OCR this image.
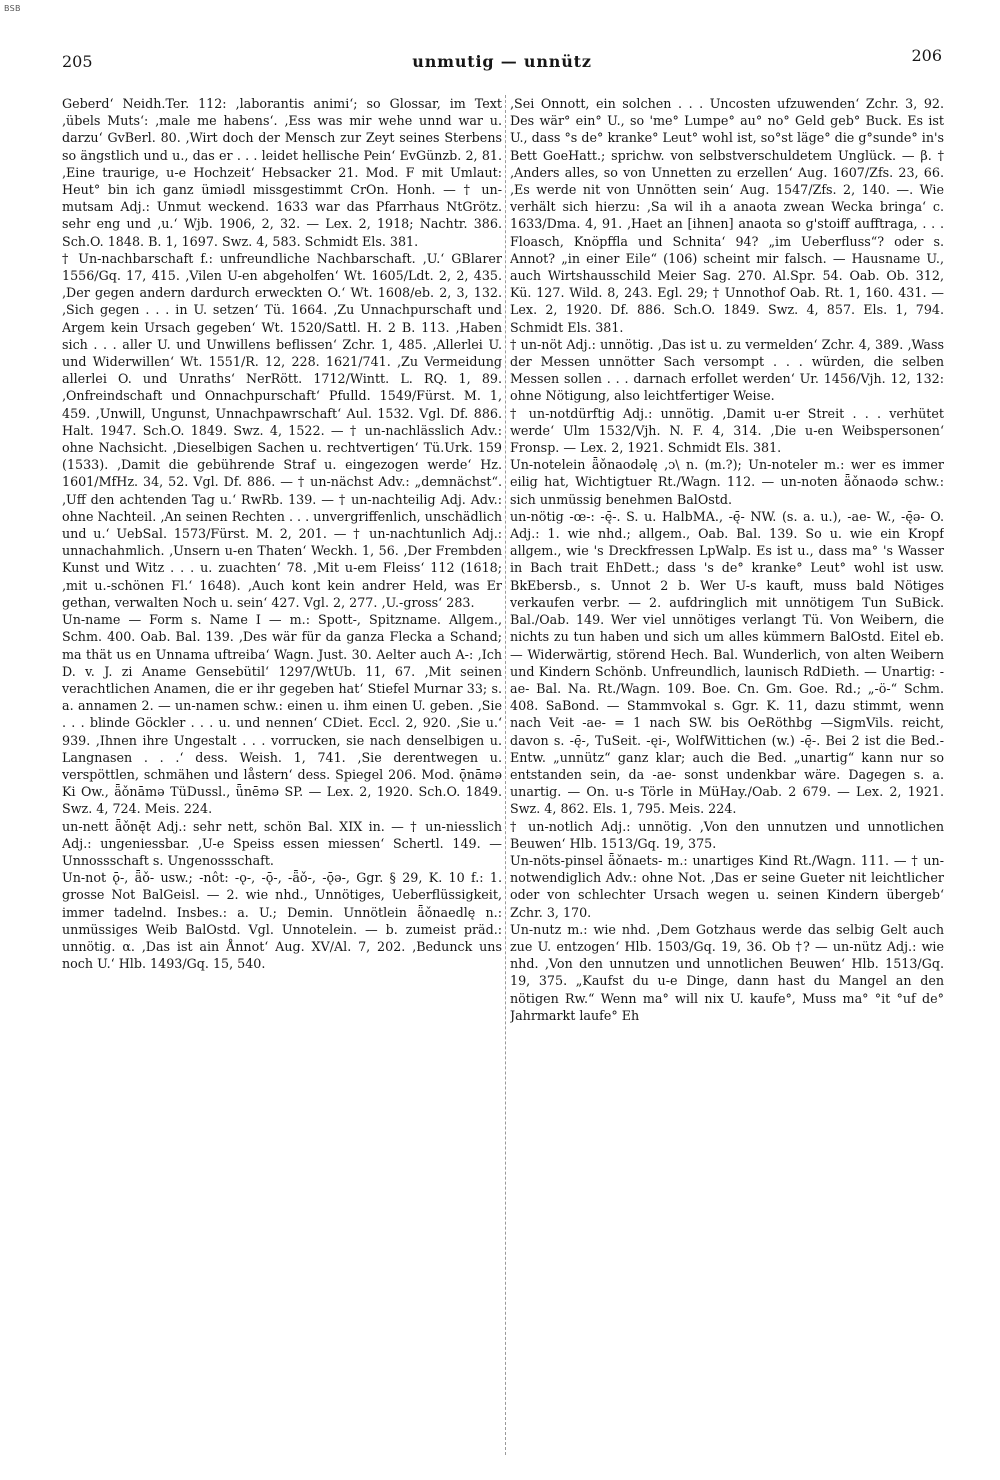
BSB
205	unmutig — unnütz	206

Geberd‘ Neidh.Ter. 112: ‚laborantis animi‘; so Glossar, im Text ‚übels Muts‘: ‚male me habens‘. ‚Ess was mir wehe unnd war u. darzu‘ GvBerl. 80. ‚Wirt doch der Mensch zur Zeyt seines Sterbens so ängstlich und u., das er . . . leidet hellische Pein‘ EvGünzb. 2, 81. ‚Eine traurige, u-e Hochzeit‘ Hebsacker 21. Mod. F mit Umlaut: Heut° bin ich ganz ümiədl missgestimmt CrOn. Honh. — † un-mutsam Adj.: Unmut weckend. 1633 war das Pfarrhaus NtGrötz. sehr eng und ‚u.‘ Wjb. 1906, 2, 32. — Lex. 2, 1918; Nachtr. 386. Sch.O. 1848. B. 1, 1697. Swz. 4, 583. Schmidt Els. 381.

† Un-nachbarschaft f.: unfreundliche Nachbarschaft. ‚U.‘ GBlarer 1556/Gq. 17, 415. ‚Vilen U-en abgeholfen‘ Wt. 1605/Ldt. 2, 2, 435. ‚Der gegen andern dardurch erweckten O.‘ Wt. 1608/eb. 2, 3, 132. ‚Sich gegen . . . in U. setzen‘ Tü. 1664. ‚Zu Unnachpurschaft und Argem kein Ursach gegeben‘ Wt. 1520/Sattl. H. 2 B. 113. ‚Haben sich . . . aller U. und Unwillens beflissen‘ Zchr. 1, 485. ‚Allerlei U. und Widerwillen‘ Wt. 1551/R. 12, 228. 1621/741. ‚Zu Vermeidung allerlei O. und Unraths‘ NerRött. 1712/Wintt. L. RQ. 1, 89. ‚Onfreindschaft und Onnachpurschaft‘ Pfulld. 1549/Fürst. M. 1, 459. ‚Unwill, Ungunst, Unnachpawrschaft‘ Aul. 1532. Vgl. Df. 886. Halt. 1947. Sch.O. 1849. Swz. 4, 1522. — † un-nachlässlich Adv.: ohne Nachsicht. ‚Dieselbigen Sachen u. rechtvertigen‘ Tü.Urk. 159 (1533). ‚Damit die gebührende Straf u. eingezogen werde‘ Hz. 1601/MfHz. 34, 52. Vgl. Df. 886. — † un-nächst Adv.: „demnächst“. ‚Uff den achtenden Tag u.‘ RwRb. 139. — † un-nachteilig Adj. Adv.: ohne Nachteil. ‚An seinen Rechten . . . unvergriffenlich, unschädlich und u.‘ UebSal. 1573/Fürst. M. 2, 201. — † un-nachtunlich Adj.: unnachahmlich. ‚Unsern u-en Thaten‘ Weckh. 1, 56. ‚Der Frembden Kunst und Witz . . . u. zuachten‘ 78. ‚Mit u-em Fleiss‘ 112 (1618; ‚mit u.-schönen Fl.‘ 1648). ‚Auch kont kein andrer Held, was Er gethan, verwalten Noch u. sein‘ 427. Vgl. 2, 277. ‚U.-gross‘ 283.

Un-name — Form s. Name I — m.: Spott-, Spitzname. Allgem., Schm. 400. Oab. Bal. 139. ‚Des wär für da ganza Flecka a Schand; ma thät us en Unnama uftreiba‘ Wagn. Just. 30. Aelter auch A-: ‚Ich D. v. J. zi Aname Gensebütil‘ 1297/WtUb. 11, 67. ‚Mit seinen verachtlichen Anamen, die er ihr gegeben hat‘ Stiefel Murnar 33; s. a. annamen 2. — un-namen schw.: einen u. ihm einen U. geben. ‚Sie . . . blinde Göckler . . . u. und nennen‘ CDiet. Eccl. 2, 920. ‚Sie u.‘ 939. ‚Ihnen ihre Ungestalt . . . vorrucken, sie nach denselbigen u. Langnasen . . .‘ dess. Weish. 1, 741. ‚Sie derentwegen u. verspöttlen, schmähen und låstern‘ dess. Spiegel 206. Mod. ǭnāmə Ki Ow., ǟǒnāmə TüDussl., ǖnēmə SP. — Lex. 2, 1920. Sch.O. 1849. Swz. 4, 724. Meis. 224.

un-nett ǟǒnę̄t Adj.: sehr nett, schön Bal. XIX in. — † un-niesslich Adj.: ungeniessbar. ‚U-e Speiss essen miessen‘ Schertl. 149. — Unnossschaft s. Ungenossschaft.

Un-not ǭ-, ǟǒ- usw.; -nôt: -ǫ-, -ǭ-, -ǟǒ-, -ǭə-, Ggr. § 29, K. 10 f.: 1. grosse Not BalGeisl. — 2. wie nhd., Unnötiges, Ueberflüssigkeit, immer tadelnd. Insbes.: a. U.; Demin. Unnötlein ǟǒnaedlę n.: unmüssiges Weib BalOstd. Vgl. Unnotelein. — b. zumeist präd.: unnötig. α. ‚Das ist ain Ånnot‘ Aug. XV/Al. 7, 202. ‚Bedunck uns noch U.‘ Hlb. 1493/Gq. 15, 540.

‚Sei Onnott, ein solchen . . . Uncosten ufzuwenden‘ Zchr. 3, 92. Des wär° ein° U., so 'me° Lumpe° au° no° Geld geb° Buck. Es ist U., dass °s de° kranke° Leut° wohl ist, so°st läge° die g°sunde° in's Bett GoeHatt.; sprichw. von selbstverschuldetem Unglück. — β. † ‚Anders alles, so von Unnetten zu erzellen‘ Aug. 1607/Zfs. 23, 66. ‚Es werde nit von Unnötten sein‘ Aug. 1547/Zfs. 2, 140. —. Wie verhält sich hierzu: ‚Sa wil ih a anaota zwean Wecka bringa‘ c. 1633/Dma. 4, 91. ‚Haet an [ihnen] anaota so g'stoiff aufftraga, . . . Floasch, Knöpffla und Schnita‘ 94? „im Ueberfluss“? oder s. Annot? „in einer Eile“ (106) scheint mir falsch. — Hausname U., auch Wirtshausschild Meier Sag. 270. Al.Spr. 54. Oab. Ob. 312, Kü. 127. Wild. 8, 243. Egl. 29; † Unnothof Oab. Rt. 1, 160. 431. — Lex. 2, 1920. Df. 886. Sch.O. 1849. Swz. 4, 857. Els. 1, 794. Schmidt Els. 381.

† un-nöt Adj.: unnötig. ‚Das ist u. zu vermelden‘ Zchr. 4, 389. ‚Wass der Messen unnötter Sach versompt . . . würden, die selben Messen sollen . . . darnach erfollet werden‘ Ur. 1456/Vjh. 12, 132: ohne Nötigung, also leichtfertiger Weise.

† un-notdürftig Adj.: unnötig. ‚Damit u-er Streit . . . verhütet werde‘ Ulm 1532/Vjh. N. F. 4, 314. ‚Die u-en Weibspersonen‘ Fronsp. — Lex. 2, 1921. Schmidt Els. 381.

Un-notelein ǟǒnaodəlę ,ↄ\ n. (m.?); Un-noteler m.: wer es immer eilig hat, Wichtigtuer Rt./Wagn. 112. — un-noten ǟǒnaodə schw.: sich unmüssig benehmen BalOstd.

un-nötig -œ-: -ę̄-. S. u. HalbMA., -ę̄- NW. (s. a. u.), -ae- W., -ę̄ə- O. Adj.: 1. wie nhd.; allgem., Oab. Bal. 139. So u. wie ein Kropf allgem., wie 's Dreckfressen LpWalp. Es ist u., dass ma° 's Wasser in Bach trait EhDett.; dass 's de° kranke° Leut° wohl ist usw. BkEbersb., s. Unnot 2 b. Wer U-s kauft, muss bald Nötiges verkaufen verbr. — 2. aufdringlich mit unnötigem Tun SuBick. Bal./Oab. 149. Wer viel unnötiges verlangt Tü. Von Weibern, die nichts zu tun haben und sich um alles kümmern BalOstd. Eitel eb. — Widerwärtig, störend Hech. Bal. Wunderlich, von alten Weibern und Kindern Schönb. Unfreundlich, launisch RdDieth. — Unartig: -ae- Bal. Na. Rt./Wagn. 109. Boe. Cn. Gm. Goe. Rd.; „-ö-“ Schm. 408. SaBond. — Stammvokal s. Ggr. K. 11, dazu stimmt, wenn nach Veit -ae- = 1 nach SW. bis OeRöthbg —SigmVils. reicht, davon s. -ę̄-, TuSeit. -ęi-, WolfWittichen (w.) -ę̄-. Bei 2 ist die Bed.-Entw. „unnütz“ ganz klar; auch die Bed. „unartig“ kann nur so entstanden sein, da -ae- sonst undenkbar wäre. Dagegen s. a. unartig. — On. u-s Törle in MüHay./Oab. 2 679. — Lex. 2, 1921. Swz. 4, 862. Els. 1, 795. Meis. 224.

† un-notlich Adj.: unnötig. ‚Von den unnutzen und unnotlichen Beuwen‘ Hlb. 1513/Gq. 19, 375.

Un-nöts-pinsel ǟǒnaets- m.: unartiges Kind Rt./Wagn. 111. — † un-notwendiglich Adv.: ohne Not. ‚Das er seine Gueter nit leichtlicher oder von schlechter Ursach wegen u. seinen Kindern übergeb‘ Zchr. 3, 170.

Un-nutz m.: wie nhd. ‚Dem Gotzhaus werde das selbig Gelt auch zue U. entzogen‘ Hlb. 1503/Gq. 19, 36. Ob †? — un-nütz Adj.: wie nhd. ‚Von den unnutzen und unnotlichen Beuwen‘ Hlb. 1513/Gq. 19, 375. „Kaufst du u-e Dinge, dann hast du Mangel an den nötigen Rw.“ Wenn ma° will nix U. kaufe°, Muss ma° °it °uf de° Jahrmarkt laufe° Eh
